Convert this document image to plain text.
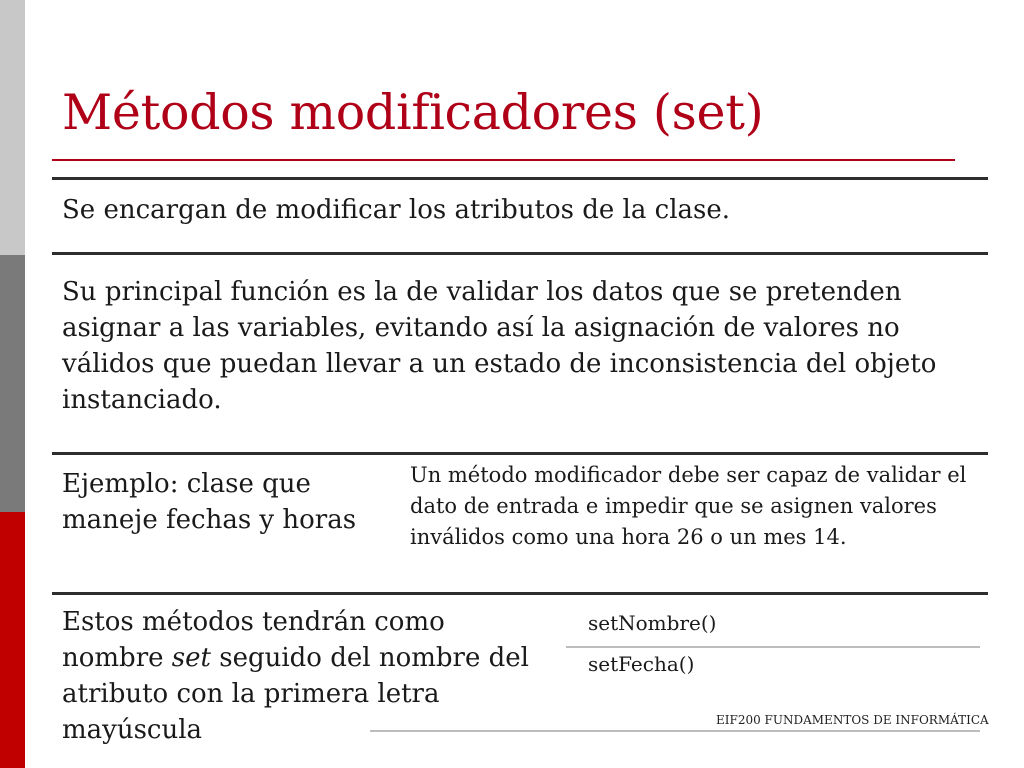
Métodos modificadores (set)

Se encargan de modificar los atributos de la clase.

Su principal función es la de validar los datos que se pretenden asignar a las variables, evitando así la asignación de valores no válidos que puedan llevar a un estado de inconsistencia del objeto instanciado.

Ejemplo: clase que maneje fechas y horas

Un método modificador debe ser capaz de validar el dato de entrada e impedir que se asignen valores inválidos como una hora 26 o un mes 14.

Estos métodos tendrán como nombre set seguido del nombre del atributo con la primera letra mayúscula

setNombre()

setFecha()

EIF200 FUNDAMENTOS DE INFORMÁTICA
